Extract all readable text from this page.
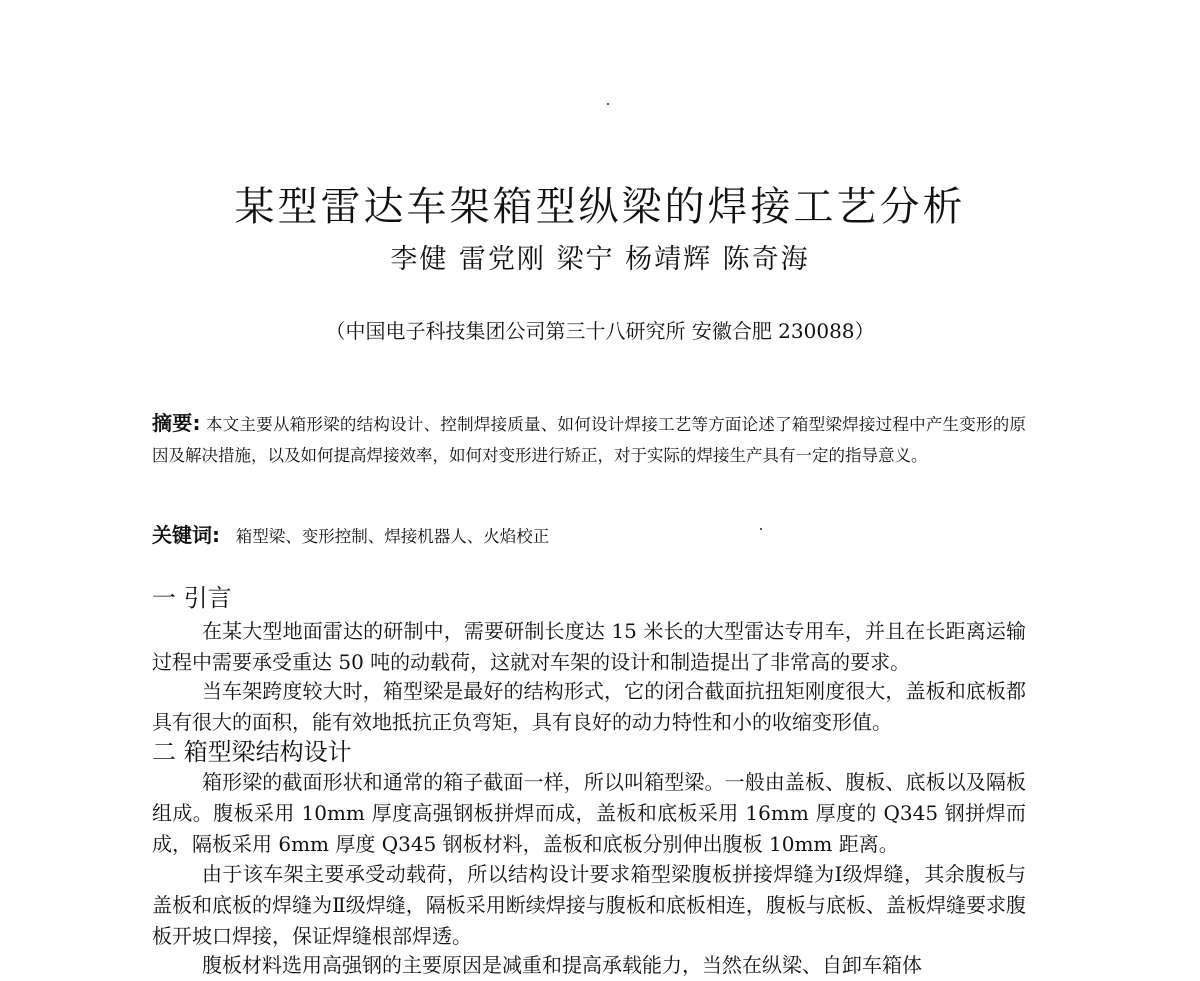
某型雷达车架箱型纵梁的焊接工艺分析
李健 雷党刚 梁宁 杨靖辉 陈奇海
（中国电子科技集团公司第三十八研究所 安徽合肥 230088）
摘要: 本文主要从箱形梁的结构设计、控制焊接质量、如何设计焊接工艺等方面论述了箱型梁焊接过程中产生变形的原因及解决措施，以及如何提高焊接效率，如何对变形进行矫正，对于实际的焊接生产具有一定的指导意义。
关键词: 箱型梁、变形控制、焊接机器人、火焰校正
一 引言

在某大型地面雷达的研制中，需要研制长度达 15 米长的大型雷达专用车，并且在长距离运输过程中需要承受重达 50 吨的动载荷，这就对车架的设计和制造提出了非常高的要求。

当车架跨度较大时，箱型梁是最好的结构形式，它的闭合截面抗扭矩刚度很大，盖板和底板都具有很大的面积，能有效地抵抗正负弯矩，具有良好的动力特性和小的收缩变形值。

二 箱型梁结构设计

箱形梁的截面形状和通常的箱子截面一样，所以叫箱型梁。一般由盖板、腹板、底板以及隔板组成。腹板采用 10mm 厚度高强钢板拼焊而成，盖板和底板采用 16mm 厚度的 Q345 钢拼焊而成，隔板采用 6mm 厚度 Q345 钢板材料，盖板和底板分别伸出腹板 10mm 距离。

由于该车架主要承受动载荷，所以结构设计要求箱型梁腹板拼接焊缝为Ⅰ级焊缝，其余腹板与盖板和底板的焊缝为Ⅱ级焊缝，隔板采用断续焊接与腹板和底板相连，腹板与底板、盖板焊缝要求腹板开坡口焊接，保证焊缝根部焊透。

腹板材料选用高强钢的主要原因是减重和提高承载能力，当然在纵梁、自卸车箱体
